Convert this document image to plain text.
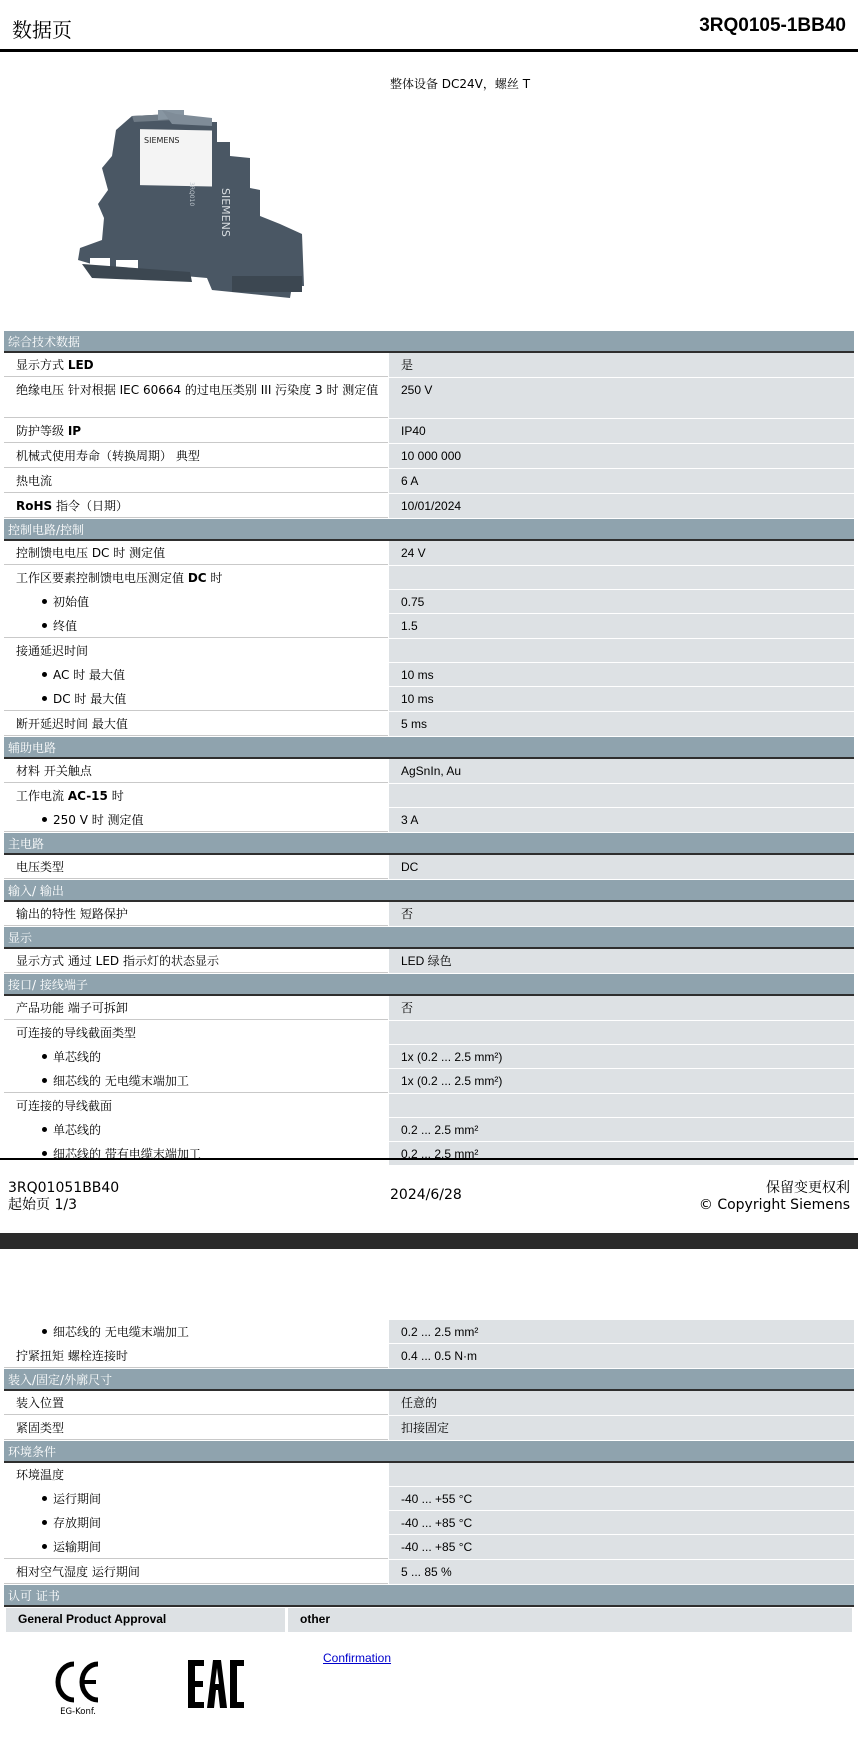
数据页	3RQ0105-1BB40
整体设备 DC24V，螺丝 T
SIEMENS
SIEMENS
3RQ010
综合技术数据
显示方式 LED	是
绝缘电压 针对根据 IEC 60664 的过电压类别 III 污染度 3 时 测定值	250 V
防护等级 IP	IP40
机械式使用寿命（转换周期） 典型	10 000 000
热电流	6 A
RoHS 指令（日期）	10/01/2024
控制电路/控制
控制馈电电压 DC 时 测定值	24 V
工作区要素控制馈电电压测定值 DC 时
初始值	0.75
终值	1.5
接通延迟时间
AC 时 最大值	10 ms
DC 时 最大值	10 ms
断开延迟时间 最大值	5 ms
辅助电路
材料 开关触点	AgSnIn, Au
工作电流 AC-15 时
250 V 时 测定值	3 A
主电路
电压类型	DC
输入/ 输出
输出的特性 短路保护	否
显示
显示方式 通过 LED 指示灯的状态显示	LED 绿色
接口/ 接线端子
产品功能 端子可拆卸	否
可连接的导线截面类型
单芯线的	1x (0.2 ... 2.5 mm²)
细芯线的 无电缆末端加工	1x (0.2 ... 2.5 mm²)
可连接的导线截面
单芯线的	0.2 ... 2.5 mm²
细芯线的 带有电缆末端加工	0.2 ... 2.5 mm²
3RQ01051BB40
起始页 1/3
2024/6/28	保留变更权利
© Copyright Siemens
细芯线的 无电缆末端加工	0.2 ... 2.5 mm²
拧紧扭矩 螺栓连接时	0.4 ... 0.5 N·m
装入/固定/外廓尺寸
装入位置	任意的
紧固类型	扣接固定
环境条件
环境温度
运行期间	-40 ... +55 °C
存放期间	-40 ... +85 °C
运输期间	-40 ... +85 °C
相对空气湿度 运行期间	5 ... 85 %
认可 证书
General Product Approval	other
EG-Konf.
Confirmation
